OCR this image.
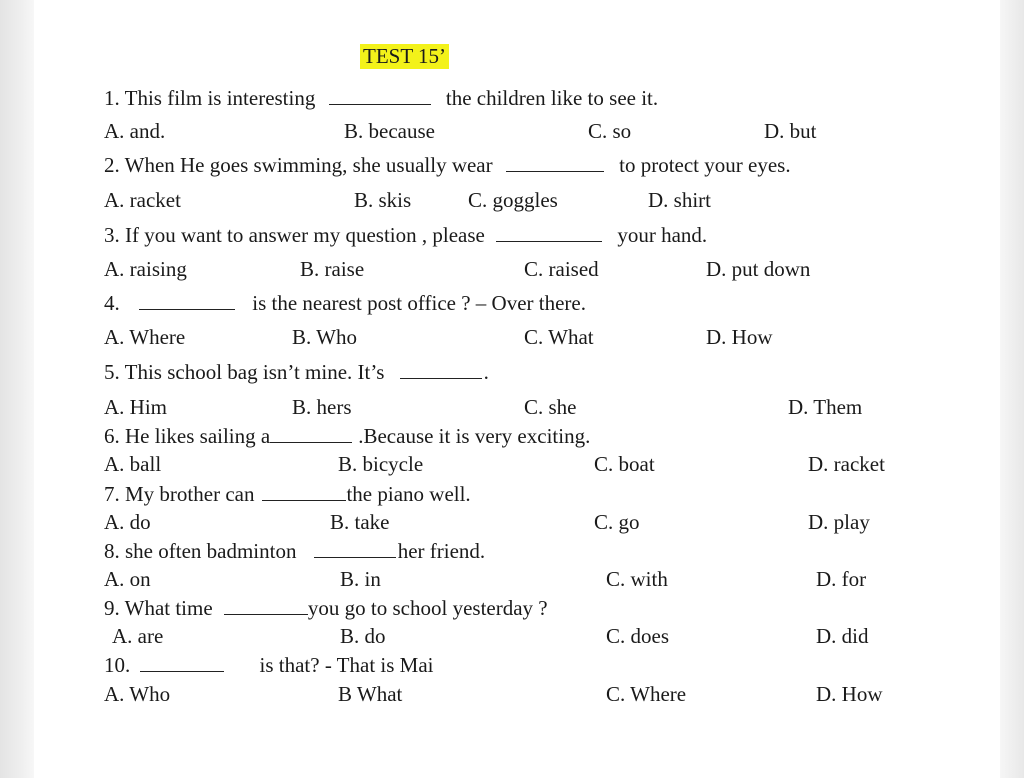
TEST 15’
1. This film is interesting	the children like to see it.
A. and.	B. because	C. so	D. but
2. When He goes swimming, she usually wear	to protect your eyes.
A. racket	B. skis	C. goggles	D. shirt
3. If you want to answer my question , please	your hand.
A. raising	B. raise	C. raised	D. put down
4.	is the nearest post office ? – Over there.
A. Where	B. Who	C. What	D. How
5. This school bag isn’t mine. It’s	.
A. Him	B. hers	C. she	D. Them
6. He likes sailing a	.Because it is very exciting.
A. ball	B. bicycle	C. boat	D. racket
7. My brother can	the piano well.
A. do	B. take	C. go	D. play
8. she often badminton	her friend.
A. on	B. in	C. with	D. for
9. What time	you go to school yesterday ?
A. are	B. do	C. does	D. did
10.	is that? - That is Mai
A. Who	B What	C. Where	D. How
